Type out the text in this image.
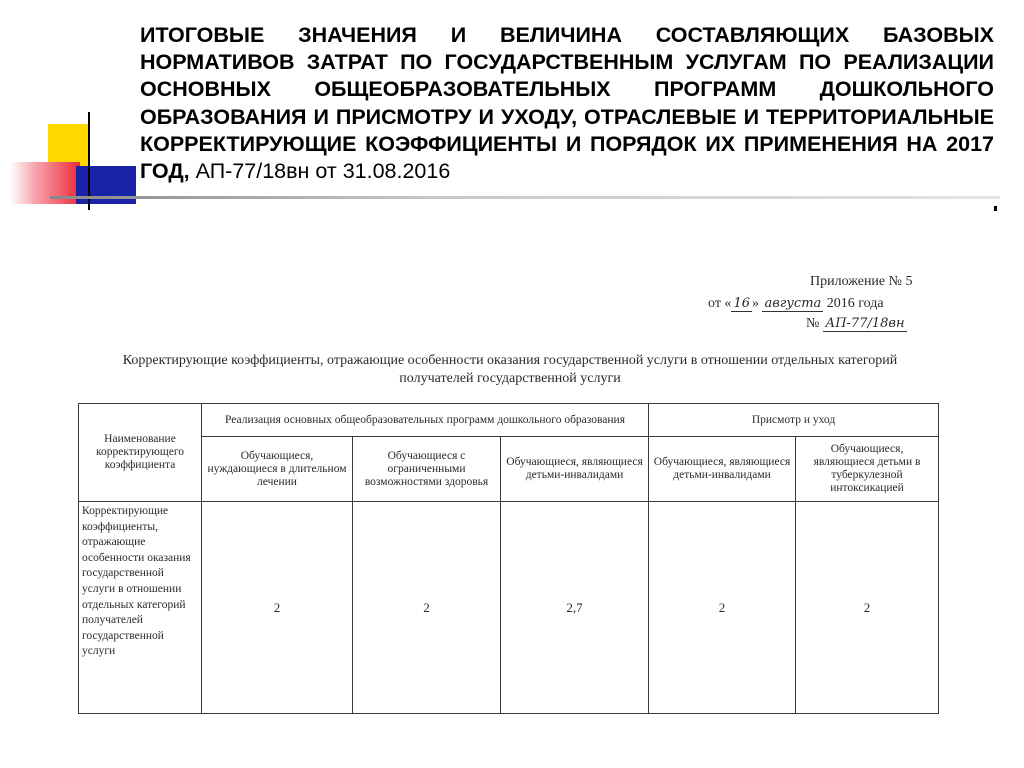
ИТОГОВЫЕ ЗНАЧЕНИЯ И ВЕЛИЧИНА СОСТАВЛЯЮЩИХ БАЗОВЫХ НОРМАТИВОВ ЗАТРАТ ПО ГОСУДАРСТВЕННЫМ УСЛУГАМ ПО РЕАЛИЗАЦИИ ОСНОВНЫХ ОБЩЕОБРАЗОВАТЕЛЬНЫХ ПРОГРАММ ДОШКОЛЬНОГО ОБРАЗОВАНИЯ И ПРИСМОТРУ И УХОДУ, ОТРАСЛЕВЫЕ И ТЕРРИТОРИАЛЬНЫЕ КОРРЕКТИРУЮЩИЕ КОЭФФИЦИЕНТЫ И ПОРЯДОК ИХ ПРИМЕНЕНИЯ НА 2017 ГОД, АП-77/18вн от 31.08.2016
Приложение № 5
от « 16 » августа 2016 года
№ АП-77/18вн
Корректирующие коэффициенты, отражающие особенности оказания государственной услуги в отношении отдельных категорий получателей государственной услуги
Наименование корректирующего коэффициента	Реализация основных общеобразовательных программ дошкольного образования			Присмотр и уход	
	Обучающиеся, нуждающиеся в длительном лечении	Обучающиеся с ограниченными возможностями здоровья	Обучающиеся, являющиеся детьми-инвалидами	Обучающиеся, являющиеся детьми-инвалидами	Обучающиеся, являющиеся детьми в туберкулезной интоксикацией
Корректирующие коэффициенты, отражающие особенности оказания государственной услуги в отношении отдельных категорий получателей государственной услуги	2	2	2,7	2	2
